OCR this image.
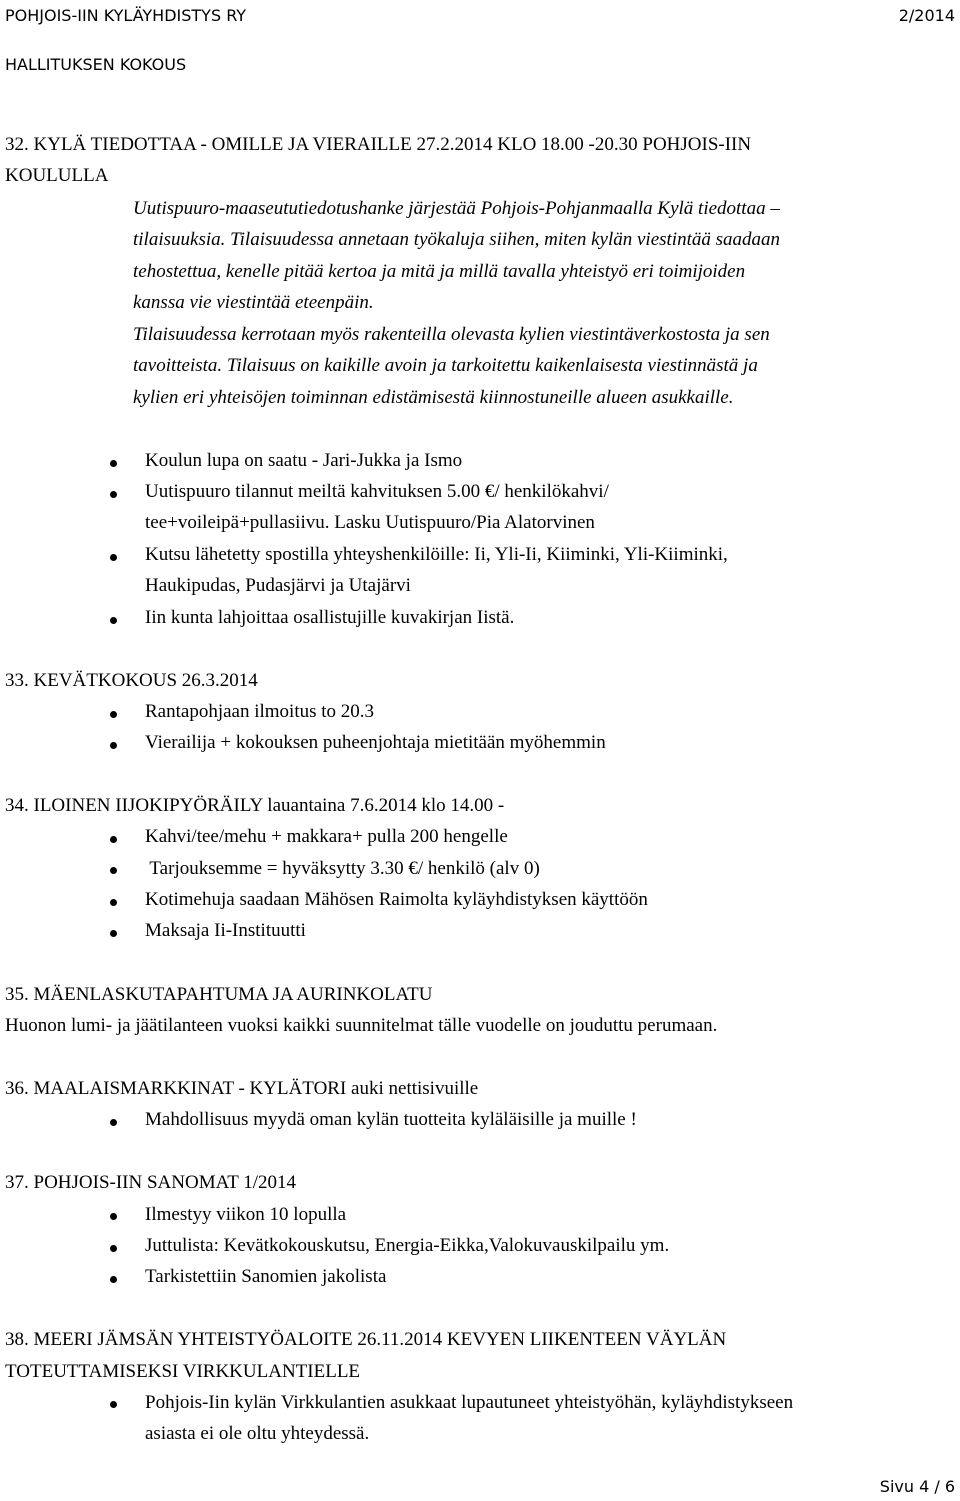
POHJOIS-IIN KYLÄYHDISTYS RY	2/2014
HALLITUKSEN KOKOUS
32. KYLÄ TIEDOTTAA - OMILLE JA VIERAILLE 27.2.2014 KLO 18.00 -20.30 POHJOIS-IIN
KOULULLA
Uutispuuro-maaseututiedotushanke järjestää Pohjois-Pohjanmaalla Kylä tiedottaa –
tilaisuuksia. Tilaisuudessa annetaan työkaluja siihen, miten kylän viestintää saadaan
tehostettua, kenelle pitää kertoa ja mitä ja millä tavalla yhteistyö eri toimijoiden
kanssa vie viestintää eteenpäin.
Tilaisuudessa kerrotaan myös rakenteilla olevasta kylien viestintäverkostosta ja sen
tavoitteista. Tilaisuus on kaikille avoin ja tarkoitettu kaikenlaisesta viestinnästä ja
kylien eri yhteisöjen toiminnan edistämisestä kiinnostuneille alueen asukkaille.
Koulun lupa on saatu - Jari-Jukka ja Ismo
Uutispuuro tilannut meiltä kahvituksen 5.00 €/ henkilökahvi/
tee+voileipä+pullasiivu. Lasku Uutispuuro/Pia Alatorvinen
Kutsu lähetetty spostilla yhteyshenkilöille: Ii, Yli-Ii, Kiiminki, Yli-Kiiminki,
Haukipudas, Pudasjärvi ja Utajärvi
Iin kunta lahjoittaa osallistujille kuvakirjan Iistä.
33. KEVÄTKOKOUS 26.3.2014
Rantapohjaan ilmoitus to 20.3
Vierailija + kokouksen puheenjohtaja mietitään myöhemmin
34. ILOINEN IIJOKIPYÖRÄILY lauantaina 7.6.2014 klo 14.00 -
Kahvi/tee/mehu + makkara+ pulla 200 hengelle
Tarjouksemme = hyväksytty 3.30 €/ henkilö (alv 0)
Kotimehuja saadaan Mähösen Raimolta kyläyhdistyksen käyttöön
Maksaja Ii-Instituutti
35. MÄENLASKUTAPAHTUMA JA AURINKOLATU
Huonon lumi- ja jäätilanteen vuoksi kaikki suunnitelmat tälle vuodelle on jouduttu perumaan.
36. MAALAISMARKKINAT - KYLÄTORI auki nettisivuille
Mahdollisuus myydä oman kylän tuotteita kyläläisille ja muille !
37. POHJOIS-IIN SANOMAT 1/2014
Ilmestyy viikon 10 lopulla
Juttulista: Kevätkokouskutsu, Energia-Eikka,Valokuvauskilpailu ym.
Tarkistettiin Sanomien jakolista
38. MEERI JÄMSÄN YHTEISTYÖALOITE 26.11.2014 KEVYEN LIIKENTEEN VÄYLÄN
TOTEUTTAMISEKSI VIRKKULANTIELLE
Pohjois-Iin kylän Virkkulantien asukkaat lupautuneet yhteistyöhän, kyläyhdistykseen
asiasta ei ole oltu yhteydessä.
Sivu 4 / 6
